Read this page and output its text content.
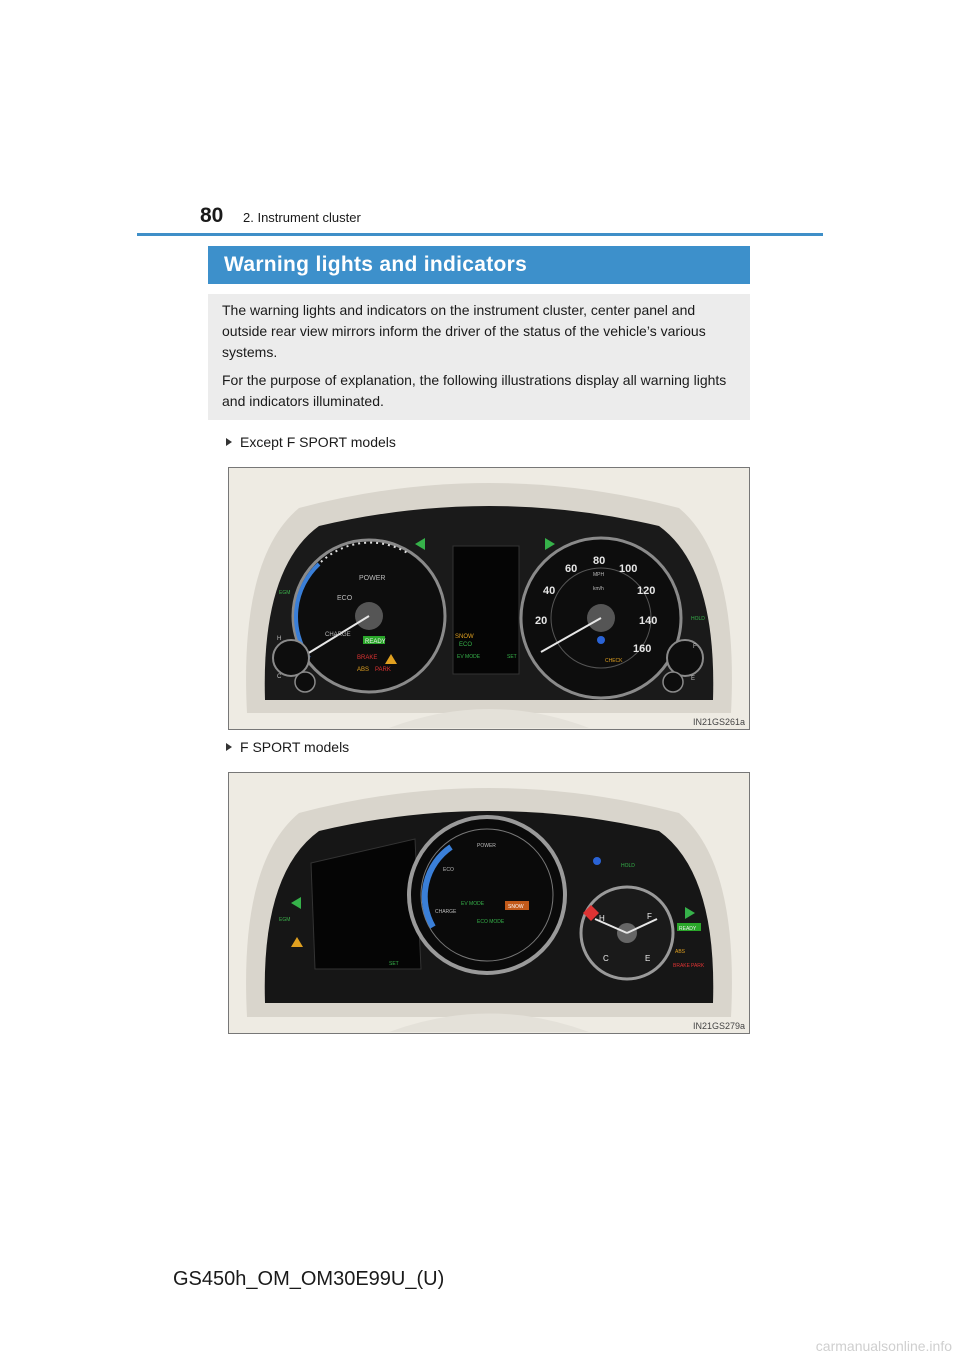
80 2. Instrument cluster
Warning lights and indicators
The warning lights and indicators on the instrument cluster, center panel and outside rear view mirrors inform the driver of the status of the vehicle’s various systems.
For the purpose of explanation, the following illustrations display all warning lights and indicators illuminated.
Except F SPORT models
POWER
ECO
CHARGE
READY
BRAKE
ABS PARK
H
C
EGM
SNOW
ECO
EV MODE	SET
20
40
60
80
100
120
140
160
MPH
km/h
CHECK
F
E
HOLD
IN21GS261a
F SPORT models
EGM
SET
POWER
ECO
CHARGE
EV MODE	SNOW
ECO MODE	H
C
F
E
HOLD
READY
ABS
BRAKE PARK
IN21GS279a
GS450h_OM_OM30E99U_(U)
carmanualsonline.info
